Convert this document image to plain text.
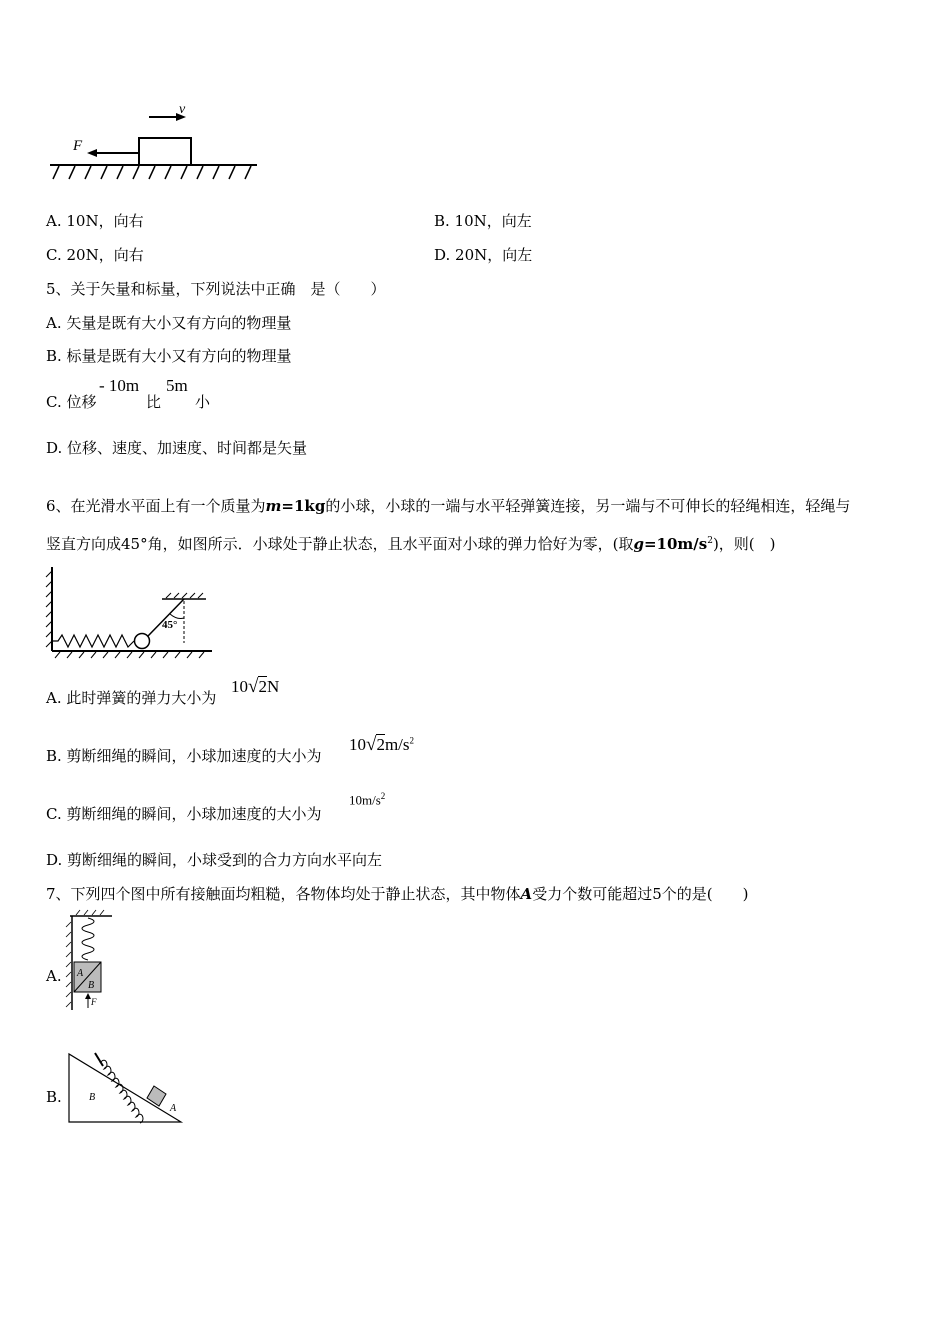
F
v
A. 10N，向右	B. 10N，向左
C. 20N，向右	D. 20N，向左
5、关于矢量和标量，下列说法中正确　是（　　）
A. 矢量是既有大小又有方向的物理量
B. 标量是既有大小又有方向的物理量
C. 位移
- 10m
比
5m
小
D. 位移、速度、加速度、时间都是矢量
6、在光滑水平面上有一个质量为m=1kg的小球，小球的一端与水平轻弹簧连接，另一端与不可伸长的轻绳相连，轻绳与
竖直方向成45°角，如图所示．小球处于静止状态，且水平面对小球的弹力恰好为零，(取$g=10m/s^2$)，则(　)
45°
A. 此时弹簧的弹力大小为
10√2N
B. 剪断细绳的瞬间，小球加速度的大小为
$10√2m/s^2$
C. 剪断细绳的瞬间，小球加速度的大小为
$10m/s^2$
D. 剪断细绳的瞬间，小球受到的合力方向水平向左
7、下列四个图中所有接触面均粗糙，各物体均处于静止状态，其中物体A受力个数可能超过5个的是(　　)
A. A
B
F
B.	B
A
